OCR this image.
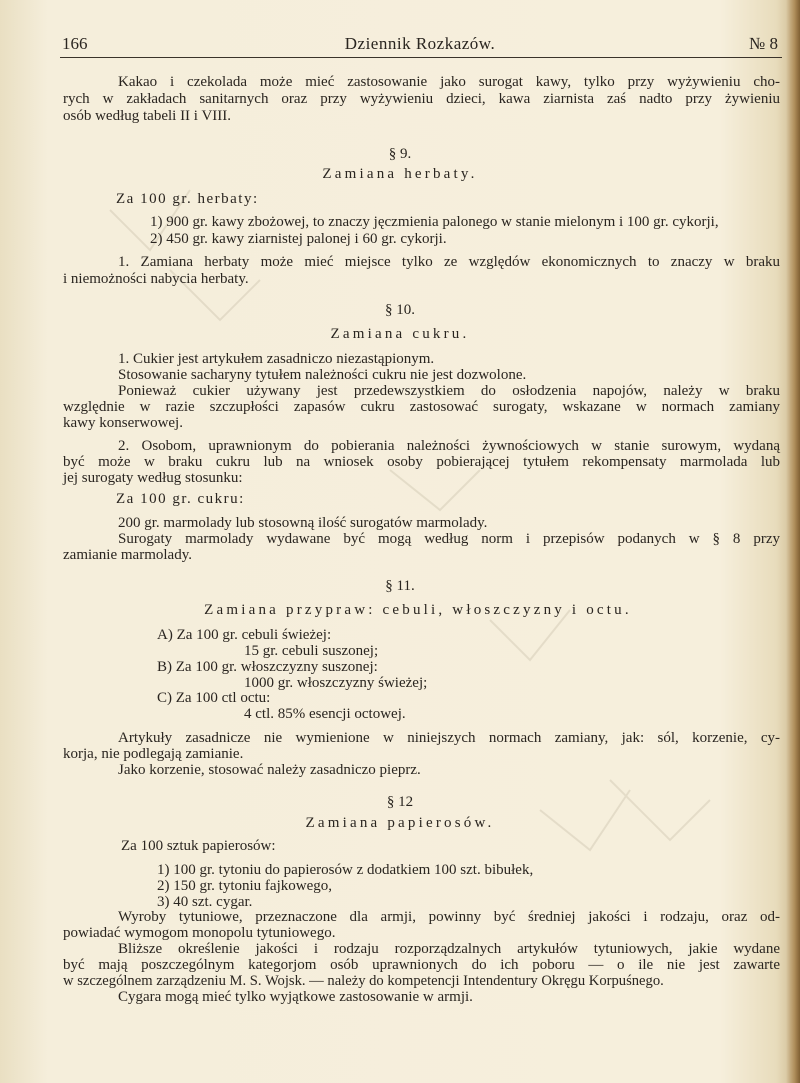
166	Dziennik Rozkazów.	№ 8
Kakao i czekolada może mieć zastosowanie jako surogat kawy, tylko przy wyżywieniu cho-
rych w zakładach sanitarnych oraz przy wyżywieniu dzieci, kawa ziarnista zaś nadto przy żywieniu
osób według tabeli II i VIII.
§ 9.
Zamiana herbaty.
Za 100 gr. herbaty:
1) 900 gr. kawy zbożowej, to znaczy jęczmienia palonego w stanie mielonym i 100 gr. cykorji,
2) 450 gr. kawy ziarnistej palonej i 60 gr. cykorji.
1. Zamiana herbaty może mieć miejsce tylko ze względów ekonomicznych to znaczy w braku
i niemożności nabycia herbaty.
§ 10.
Zamiana cukru.
1. Cukier jest artykułem zasadniczo niezastąpionym.
Stosowanie sacharyny tytułem należności cukru nie jest dozwolone.
Ponieważ cukier używany jest przedewszystkiem do osłodzenia napojów, należy w braku
względnie w razie szczupłości zapasów cukru zastosować surogaty, wskazane w normach zamiany
kawy konserwowej.
2. Osobom, uprawnionym do pobierania należności żywnościowych w stanie surowym, wydaną
być może w braku cukru lub na wniosek osoby pobierającej tytułem rekompensaty marmolada lub
jej surogaty według stosunku:
Za 100 gr. cukru:
200 gr. marmolady lub stosowną ilość surogatów marmolady.
Surogaty marmolady wydawane być mogą według norm i przepisów podanych w § 8 przy
zamianie marmolady.
§ 11.
Zamiana przypraw: cebuli, włoszczyzny i octu.
A) Za 100 gr. cebuli świeżej:
15 gr. cebuli suszonej;
B) Za 100 gr. włoszczyzny suszonej:
1000 gr. włoszczyzny świeżej;
C) Za 100 ctl octu:
4 ctl. 85% esencji octowej.
Artykuły zasadnicze nie wymienione w niniejszych normach zamiany, jak: sól, korzenie, cy-
korja, nie podlegają zamianie.
Jako korzenie, stosować należy zasadniczo pieprz.
§ 12
Zamiana papierosów.
Za 100 sztuk papierosów:
1) 100 gr. tytoniu do papierosów z dodatkiem 100 szt. bibułek,
2) 150 gr. tytoniu fajkowego,
3) 40 szt. cygar.
Wyroby tytuniowe, przeznaczone dla armji, powinny być średniej jakości i rodzaju, oraz od-
powiadać wymogom monopolu tytuniowego.
Bliższe określenie jakości i rodzaju rozporządzalnych artykułów tytuniowych, jakie wydane
być mają poszczególnym kategorjom osób uprawnionych do ich poboru — o ile nie jest zawarte
w szczególnem zarządzeniu M. S. Wojsk. — należy do kompetencji Intendentury Okręgu Korpuśnego.
Cygara mogą mieć tylko wyjątkowe zastosowanie w armji.
